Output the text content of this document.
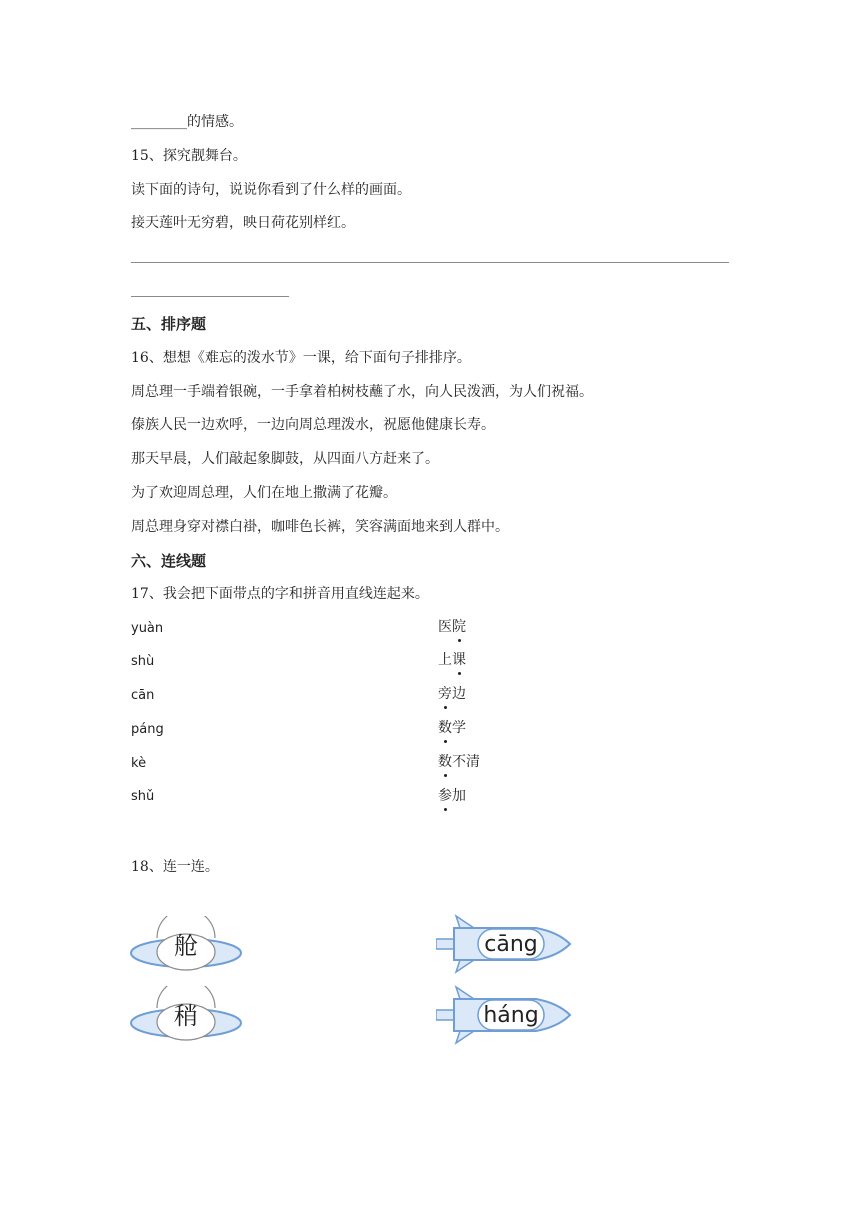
________的情感。
15、探究靓舞台。
读下面的诗句，说说你看到了什么样的画面。
接天莲叶无穷碧，映日荷花别样红。
五、排序题
16、想想《难忘的泼水节》一课，给下面句子排排序。
周总理一手端着银碗，一手拿着柏树枝蘸了水，向人民泼洒，为人们祝福。
傣族人民一边欢呼，一边向周总理泼水，祝愿他健康长寿。
那天早晨，人们敲起象脚鼓，从四面八方赶来了。
为了欢迎周总理，人们在地上撒满了花瓣。
周总理身穿对襟白褂，咖啡色长裤，笑容满面地来到人群中。
六、连线题
17、我会把下面带点的字和拼音用直线连起来。
yuàn
shù
cān
páng
kè
shǔ
医院
上课
旁
边
数
学
数
不清
参
加
18、连一连。
舱
稍
cāng
háng
